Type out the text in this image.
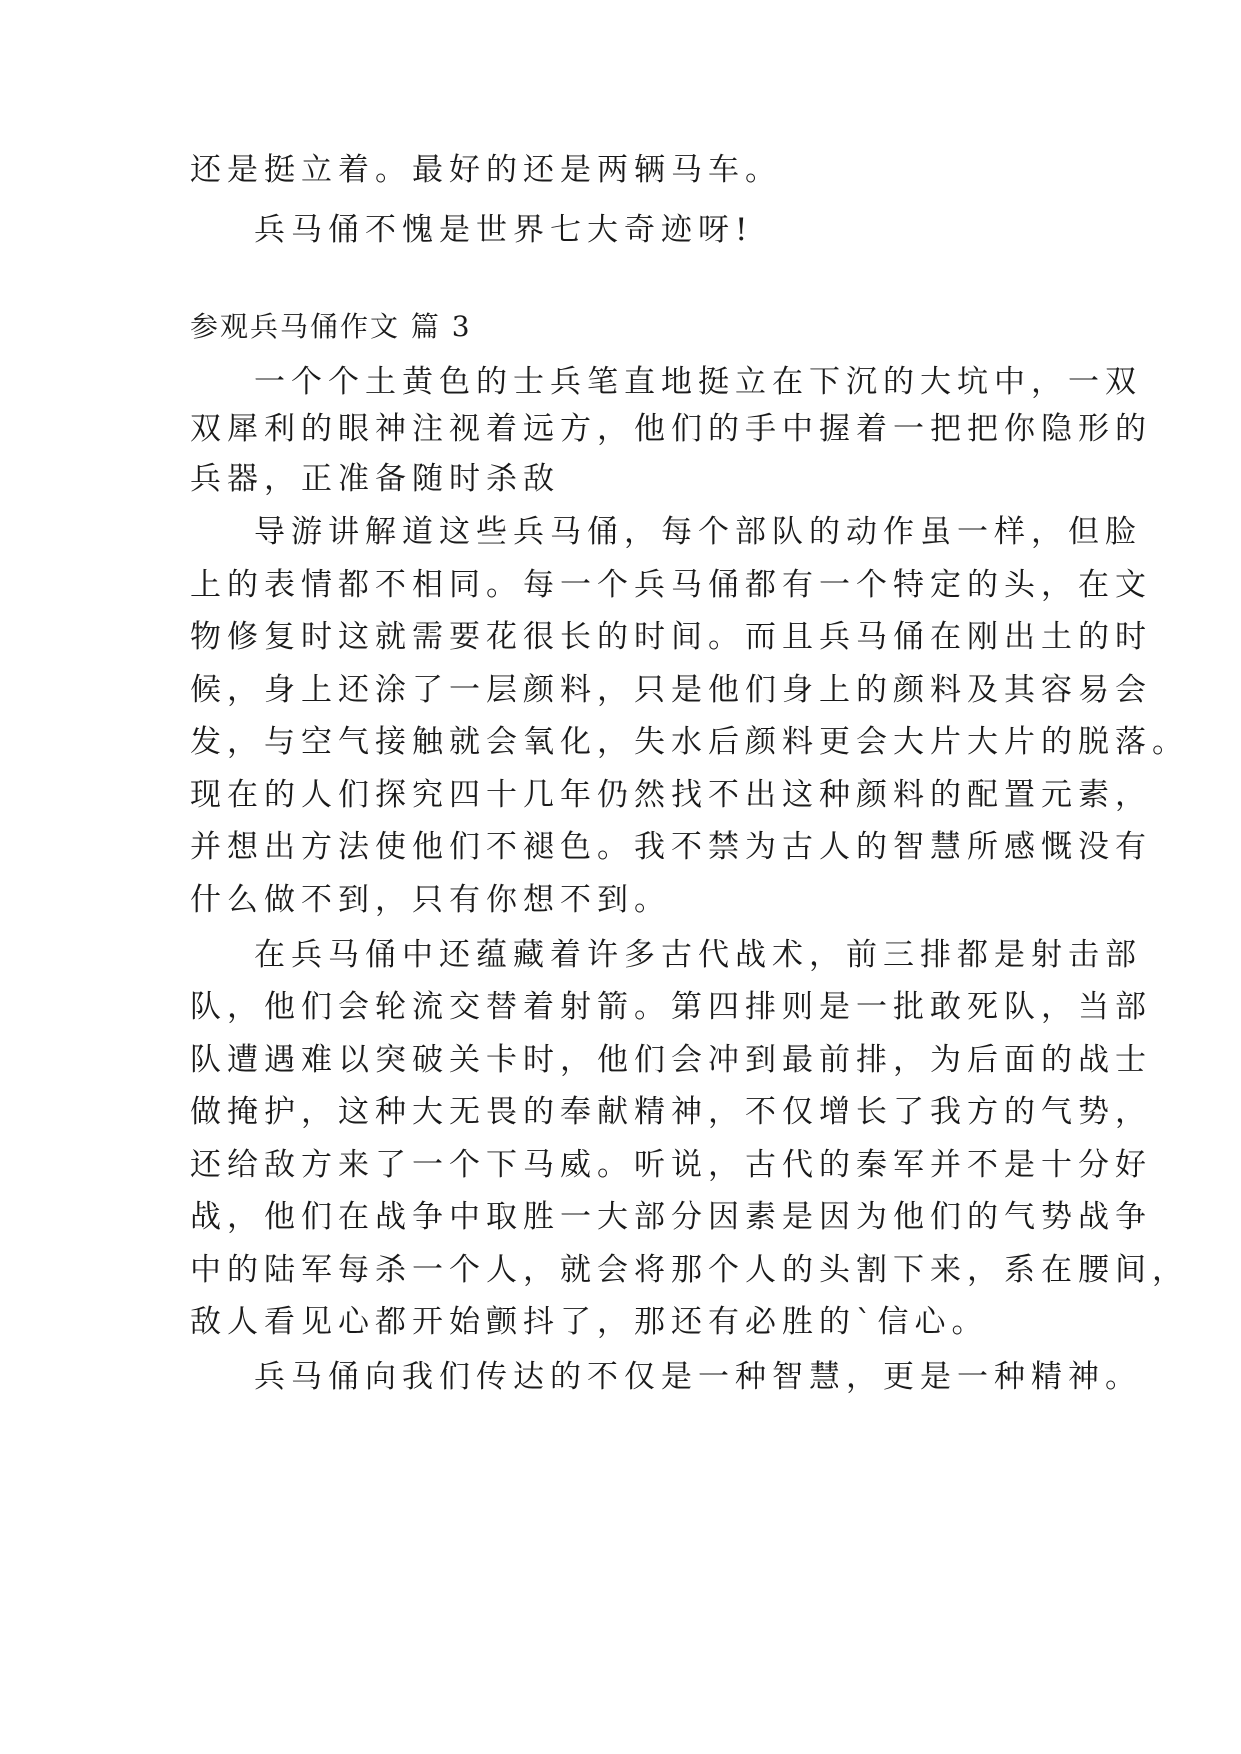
还是挺立着。最好的还是两辆马车。
兵马俑不愧是世界七大奇迹呀!
参观兵马俑作文 篇 3
一个个土黄色的士兵笔直地挺立在下沉的大坑中，一双
双犀利的眼神注视着远方，他们的手中握着一把把你隐形的
兵器，正准备随时杀敌
导游讲解道这些兵马俑，每个部队的动作虽一样，但脸
上的表情都不相同。每一个兵马俑都有一个特定的头，在文
物修复时这就需要花很长的时间。而且兵马俑在刚出土的时
候，身上还涂了一层颜料，只是他们身上的颜料及其容易会
发，与空气接触就会氧化，失水后颜料更会大片大片的脱落。
现在的人们探究四十几年仍然找不出这种颜料的配置元素，
并想出方法使他们不褪色。我不禁为古人的智慧所感慨没有
什么做不到，只有你想不到。
在兵马俑中还蕴藏着许多古代战术，前三排都是射击部
队，他们会轮流交替着射箭。第四排则是一批敢死队，当部
队遭遇难以突破关卡时，他们会冲到最前排，为后面的战士
做掩护，这种大无畏的奉献精神，不仅增长了我方的气势，
还给敌方来了一个下马威。听说，古代的秦军并不是十分好
战，他们在战争中取胜一大部分因素是因为他们的气势战争
中的陆军每杀一个人，就会将那个人的头割下来，系在腰间，
敌人看见心都开始颤抖了，那还有必胜的`信心。
兵马俑向我们传达的不仅是一种智慧，更是一种精神。
